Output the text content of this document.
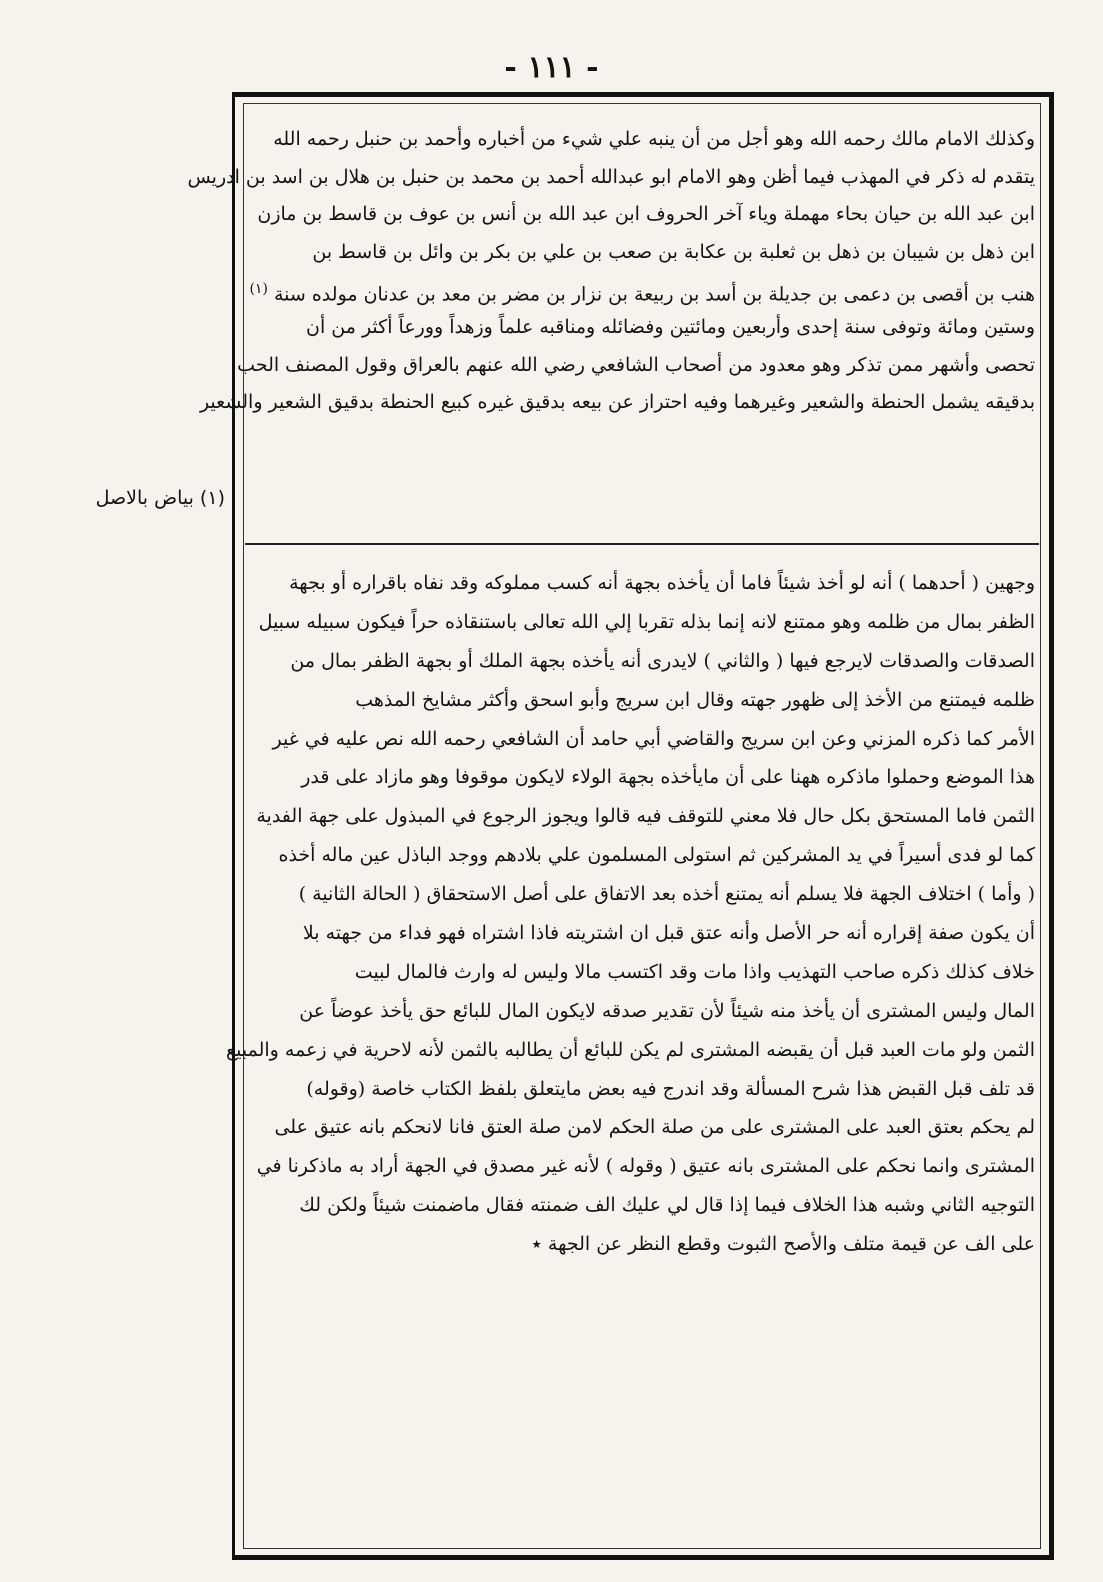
- ١١١ -
(١) بياض بالاصل

وكذلك الامام مالك رحمه الله وهو أجل من أن ينبه علي شيء من أخباره وأحمد بن حنبل رحمه الله

يتقدم له ذكر في المهذب فيما أظن وهو الامام ابو عبدالله أحمد بن محمد بن حنبل بن هلال بن اسد بن ادريس

ابن عبد الله بن حيان بحاء مهملة وياء آخر الحروف ابن عبد الله بن أنس بن عوف بن قاسط بن مازن

ابن ذهل بن شيبان بن ذهل بن ثعلبة بن عكابة بن صعب بن علي بن بكر بن وائل بن قاسط بن

هنب بن أقصى بن دعمى بن جديلة بن أسد بن ربيعة بن نزار بن مضر بن معد بن عدنان مولده سنة $^{(١)}$

وستين ومائة وتوفى سنة إحدى وأربعين ومائتين وفضائله ومناقبه علماً وزهداً وورعاً أكثر من أن

تحصى وأشهر ممن تذكر وهو معدود من أصحاب الشافعي رضي الله عنهم بالعراق وقول المصنف الحب

بدقيقه يشمل الحنطة والشعير وغيرهما وفيه احتراز عن بيعه بدقيق غيره كبيع الحنطة بدقيق الشعير والشعير

وجهين ( أحدهما ) أنه لو أخذ شيئاً فاما أن يأخذه بجهة أنه كسب مملوكه وقد نفاه باقراره أو بجهة

الظفر بمال من ظلمه وهو ممتنع لانه إنما بذله تقربا إلي الله تعالى باستنقاذه حراً فيكون سبيله سبيل

الصدقات والصدقات لايرجع فيها ( والثاني ) لايدرى أنه يأخذه بجهة الملك أو بجهة الظفر بمال من

ظلمه فيمتنع من الأخذ إلى ظهور جهته وقال ابن سريج وأبو اسحق وأكثر مشايخ المذهب

الأمر كما ذكره المزني وعن ابن سريج والقاضي أبي حامد أن الشافعي رحمه الله نص عليه في غير

هذا الموضع وحملوا ماذكره ههنا على أن مايأخذه بجهة الولاء لايكون موقوفا وهو مازاد على قدر

الثمن فاما المستحق بكل حال فلا معني للتوقف فيه قالوا ويجوز الرجوع في المبذول على جهة الفدية

كما لو فدى أسيراً في يد المشركين ثم استولى المسلمون علي بلادهم ووجد الباذل عين ماله أخذه

( وأما ) اختلاف الجهة فلا يسلم أنه يمتنع أخذه بعد الاتفاق على أصل الاستحقاق ( الحالة الثانية )

أن يكون صفة إقراره أنه حر الأصل وأنه عتق قبل ان اشتريته فاذا اشتراه فهو فداء من جهته بلا

خلاف كذلك ذكره صاحب التهذيب واذا مات وقد اكتسب مالا وليس له وارث فالمال لبيت

المال وليس المشترى أن يأخذ منه شيئاً لأن تقدير صدقه لايكون المال للبائع حق يأخذ عوضاً عن

الثمن ولو مات العبد قبل أن يقبضه المشترى لم يكن للبائع أن يطالبه بالثمن لأنه لاحرية في زعمه والمبيع

قد تلف قبل القبض هذا شرح المسألة وقد اندرج فيه بعض مايتعلق بلفظ الكتاب خاصة (وقوله)

لم يحكم بعتق العبد على المشترى على من صلة الحكم لامن صلة العتق فانا لانحكم بانه عتيق على

المشترى وانما نحكم على المشترى بانه عتيق ( وقوله ) لأنه غير مصدق في الجهة أراد به ماذكرنا في

التوجيه الثاني وشبه هذا الخلاف فيما إذا قال لي عليك الف ضمنته فقال ماضمنت شيئاً ولكن لك

على الف عن قيمة متلف والأصح الثبوت وقطع النظر عن الجهة ٭
